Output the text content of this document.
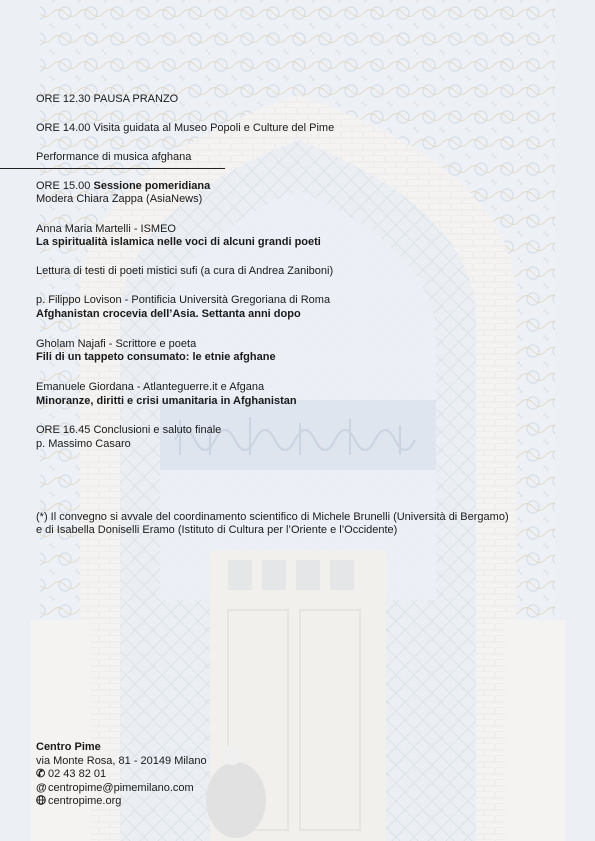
ORE 12.30 PAUSA PRANZO
ORE 14.00 Visita guidata al Museo Popoli e Culture del Pime
Performance di musica afghana
ORE 15.00 Sessione pomeridiana
Modera Chiara Zappa (AsiaNews)
Anna Maria Martelli - ISMEO
La spiritualità islamica nelle voci di alcuni grandi poeti
Lettura di testi di poeti mistici sufi (a cura di Andrea Zaniboni)
p. Filippo Lovison - Pontificia Università Gregoriana di Roma
Afghanistan crocevia dell’Asia. Settanta anni dopo
Gholam Najafi - Scrittore e poeta
Fili di un tappeto consumato: le etnie afghane
Emanuele Giordana - Atlanteguerre.it e Afgana
Minoranze, diritti e crisi umanitaria in Afghanistan
ORE 16.45 Conclusioni e saluto finale
p. Massimo Casaro
(*) Il convegno si avvale del coordinamento scientifico di Michele Brunelli (Università di Bergamo)
e di Isabella Doniselli Eramo (Istituto di Cultura per l’Oriente e l’Occidente)
Centro Pime
via Monte Rosa, 81 - 20149 Milano
✆ 02 43 82 01
@centropime@pimemilano.com
centropime.org
